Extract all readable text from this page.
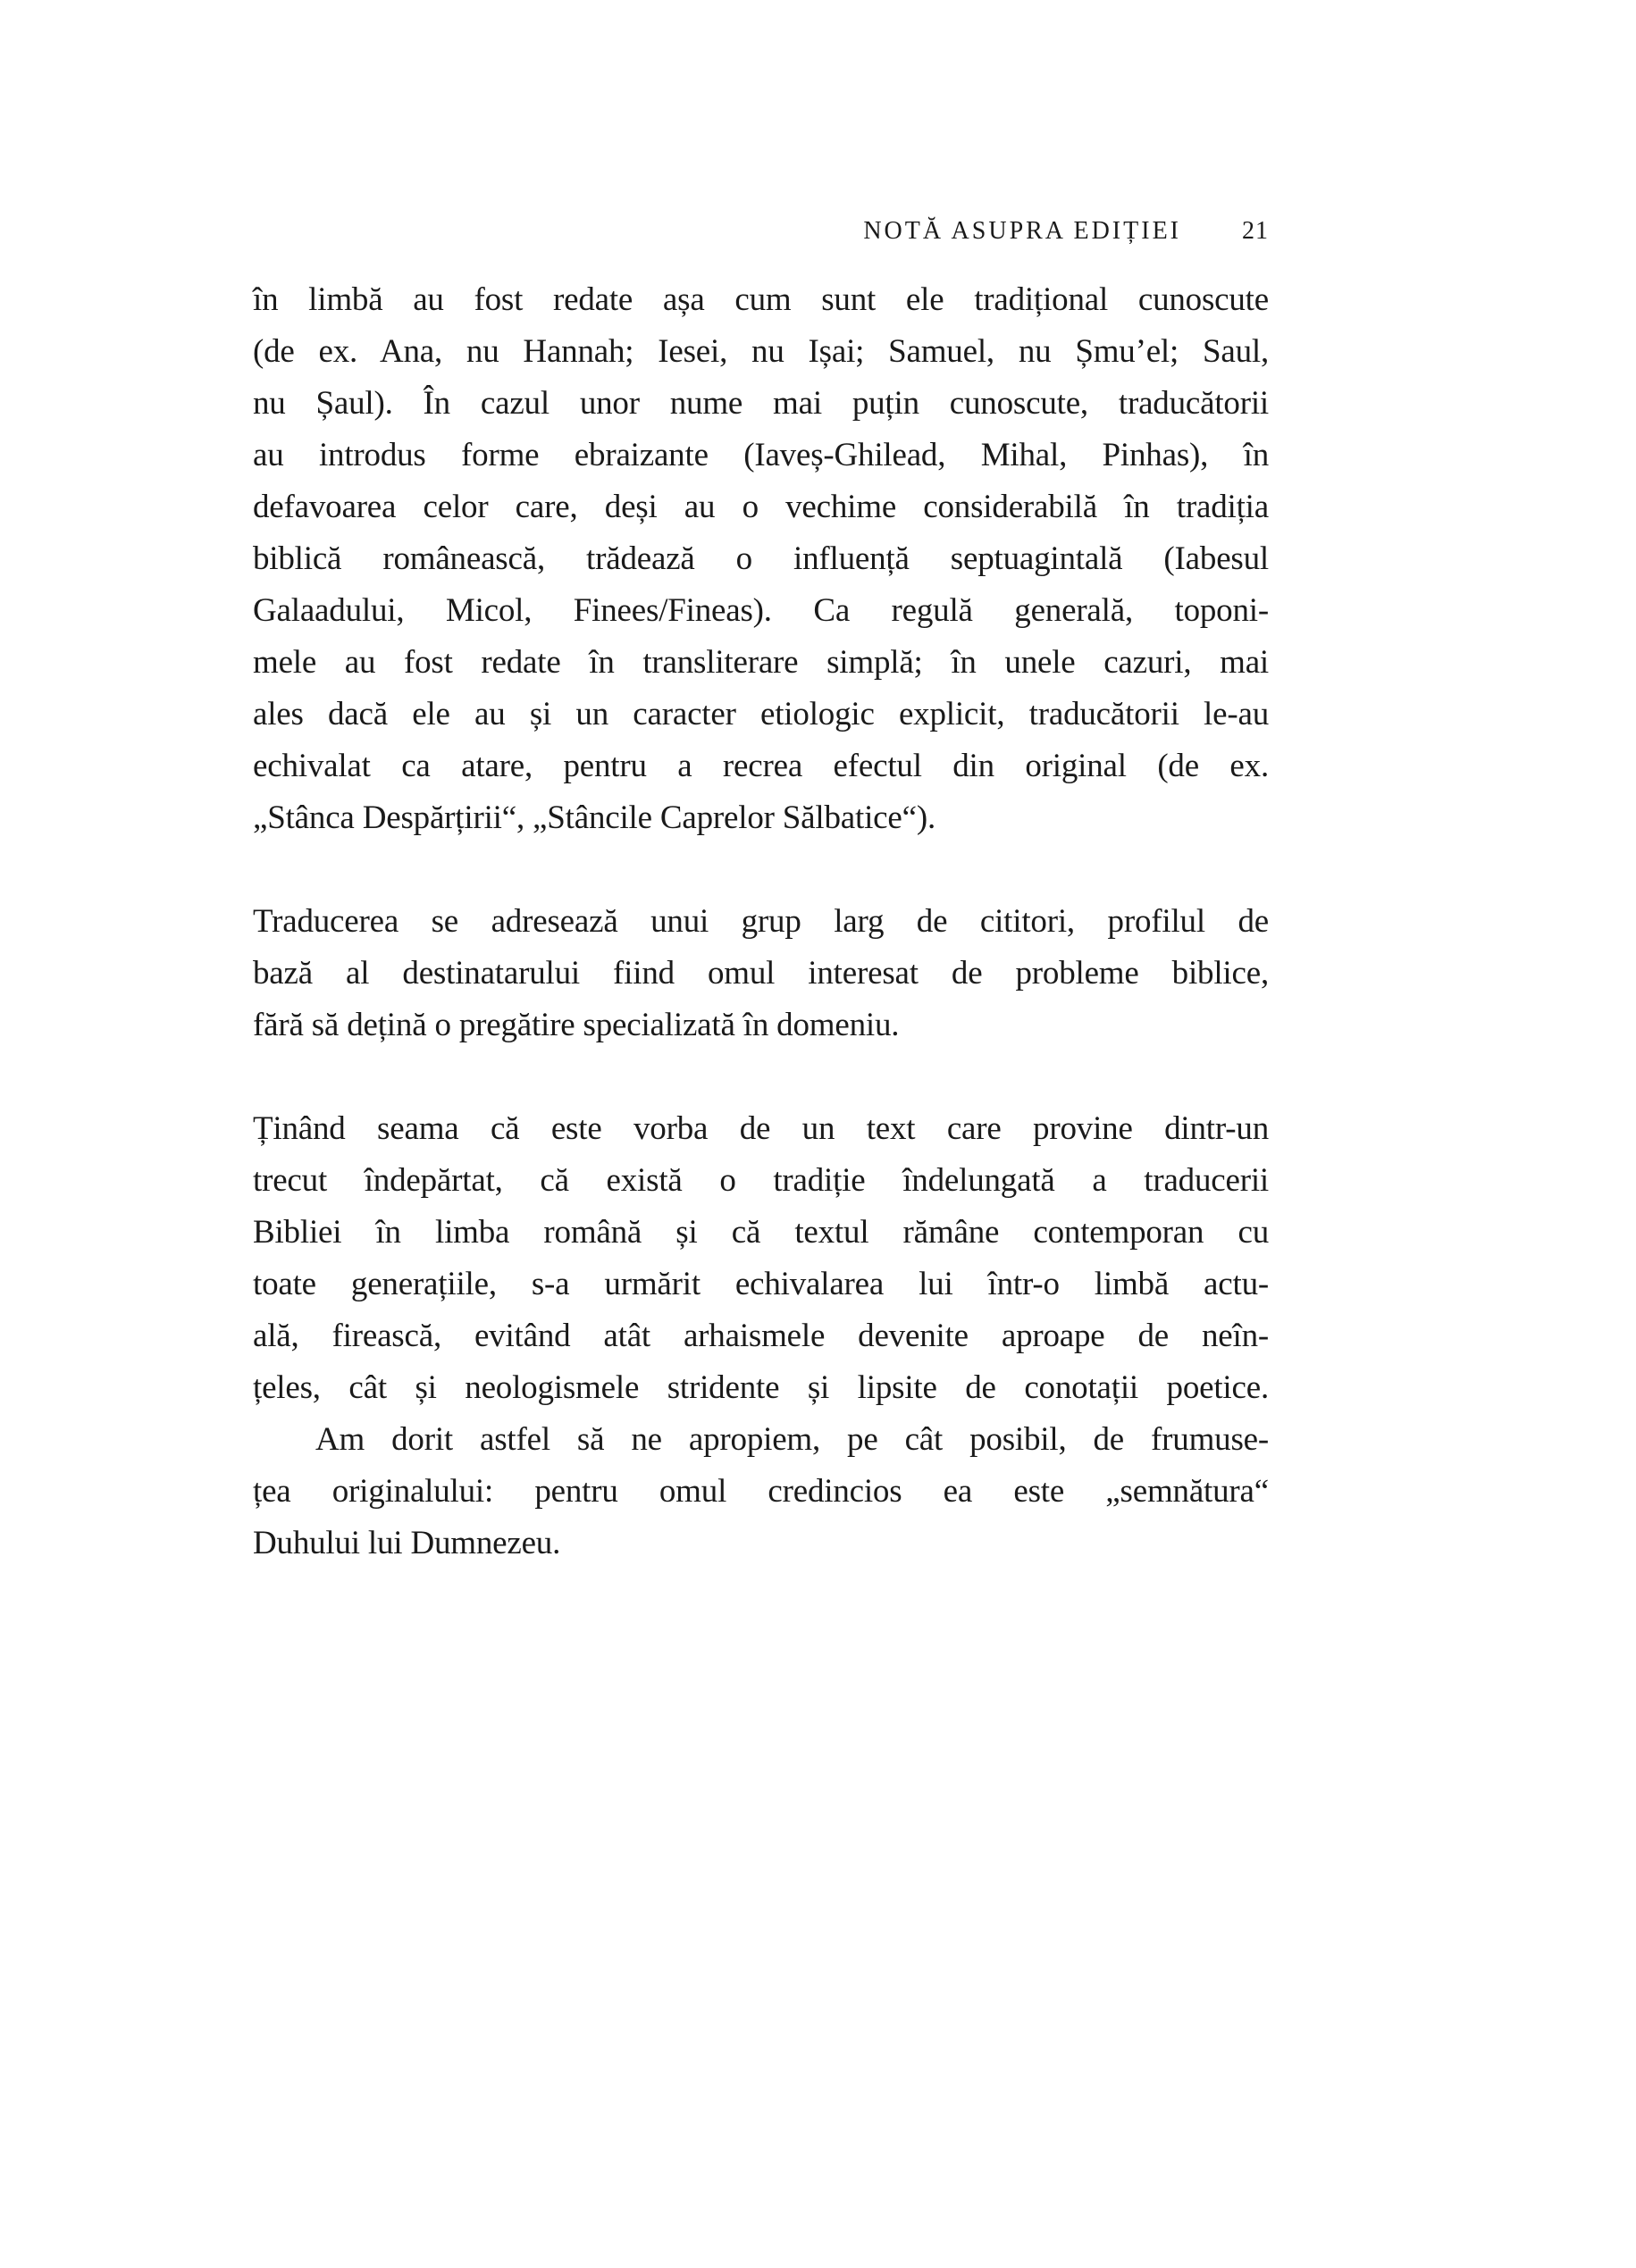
NOTĂ ASUPRA EDIȚIEI 21
în limbă au fost redate așa cum sunt ele tradițional cunoscute
(de ex. Ana, nu Hannah; Iesei, nu Ișai; Samuel, nu Șmu’el; Saul,
nu Șaul). În cazul unor nume mai puțin cunoscute, traducătorii
au introdus forme ebraizante (Iaveș-Ghilead, Mihal, Pinhas), în
defavoarea celor care, deși au o vechime considerabilă în tradiția
biblică românească, trădează o influență septuagintală (Iabesul
Galaadului, Micol, Finees/Fineas). Ca regulă generală, toponi-
mele au fost redate în transliterare simplă; în unele cazuri, mai
ales dacă ele au și un caracter etiologic explicit, traducătorii le-au
echivalat ca atare, pentru a recrea efectul din original (de ex.
„Stânca Despărțirii“, „Stâncile Caprelor Sălbatice“).
Traducerea se adresează unui grup larg de cititori, profilul de
bază al destinatarului fiind omul interesat de probleme biblice,
fără să dețină o pregătire specializată în domeniu.
Ținând seama că este vorba de un text care provine dintr-un
trecut îndepărtat, că există o tradiție îndelungată a traducerii
Bibliei în limba română și că textul rămâne contemporan cu
toate generațiile, s-a urmărit echivalarea lui într-o limbă actu-
ală, firească, evitând atât arhaismele devenite aproape de neîn-
țeles, cât și neologismele stridente și lipsite de conotații poetice.
Am dorit astfel să ne apropiem, pe cât posibil, de frumuse-
țea originalului: pentru omul credincios ea este „semnătura“
Duhului lui Dumnezeu.
